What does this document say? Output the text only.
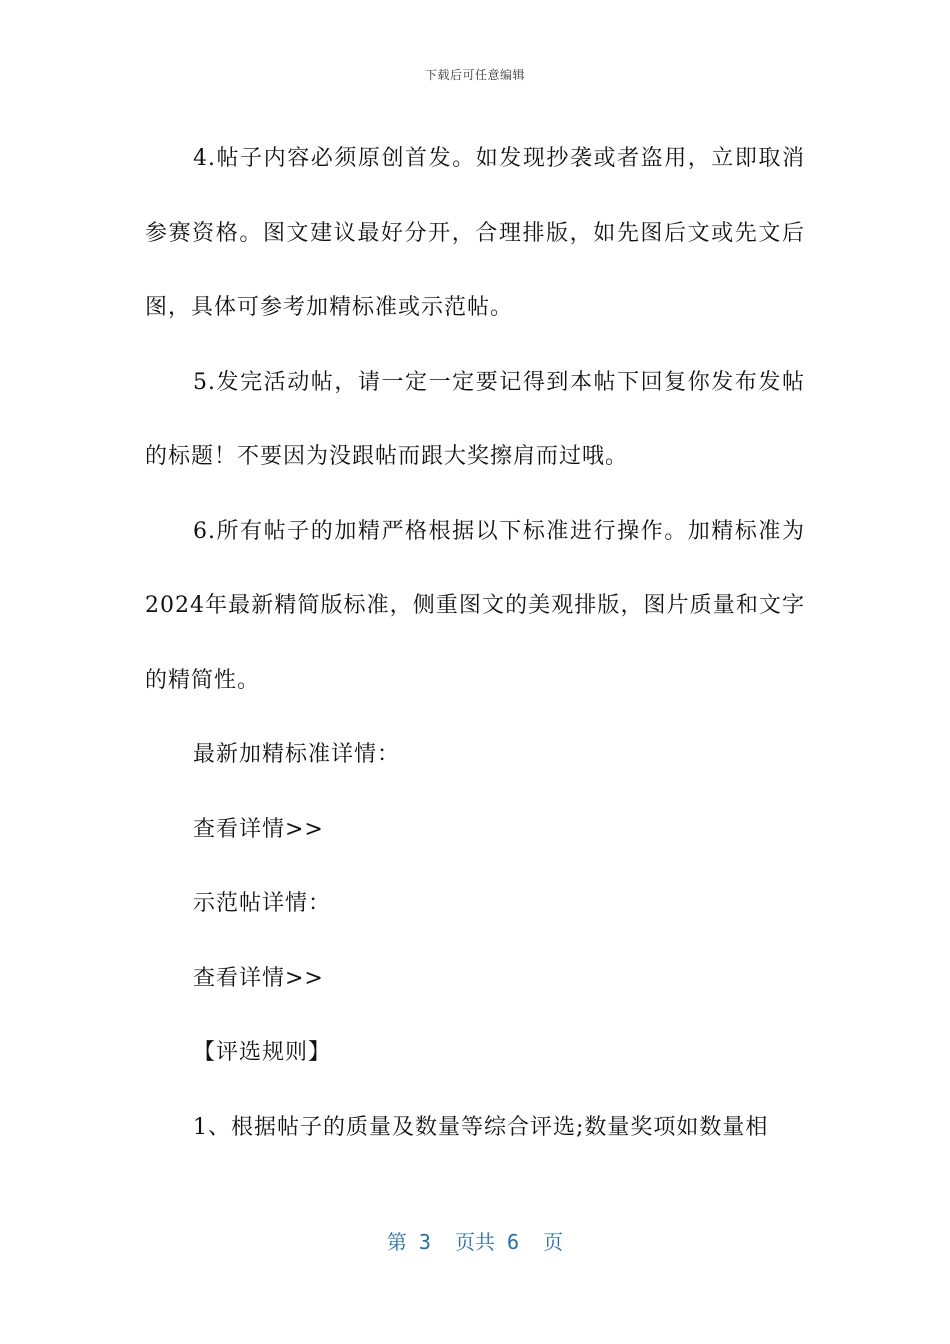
下载后可任意编辑

4.帖子内容必须原创首发。如发现抄袭或者盗用，立即取消参赛资格。图文建议最好分开，合理排版，如先图后文或先文后图，具体可参考加精标准或示范帖。

5.发完活动帖，请一定一定要记得到本帖下回复你发布发帖的标题！不要因为没跟帖而跟大奖擦肩而过哦。

6.所有帖子的加精严格根据以下标准进行操作。加精标准为2024年最新精简版标准，侧重图文的美观排版，图片质量和文字的精简性。

最新加精标准详情：

查看详情>>

示范帖详情：

查看详情>>

【评选规则】

1、根据帖子的质量及数量等综合评选;数量奖项如数量相

第 3  页共 6  页
